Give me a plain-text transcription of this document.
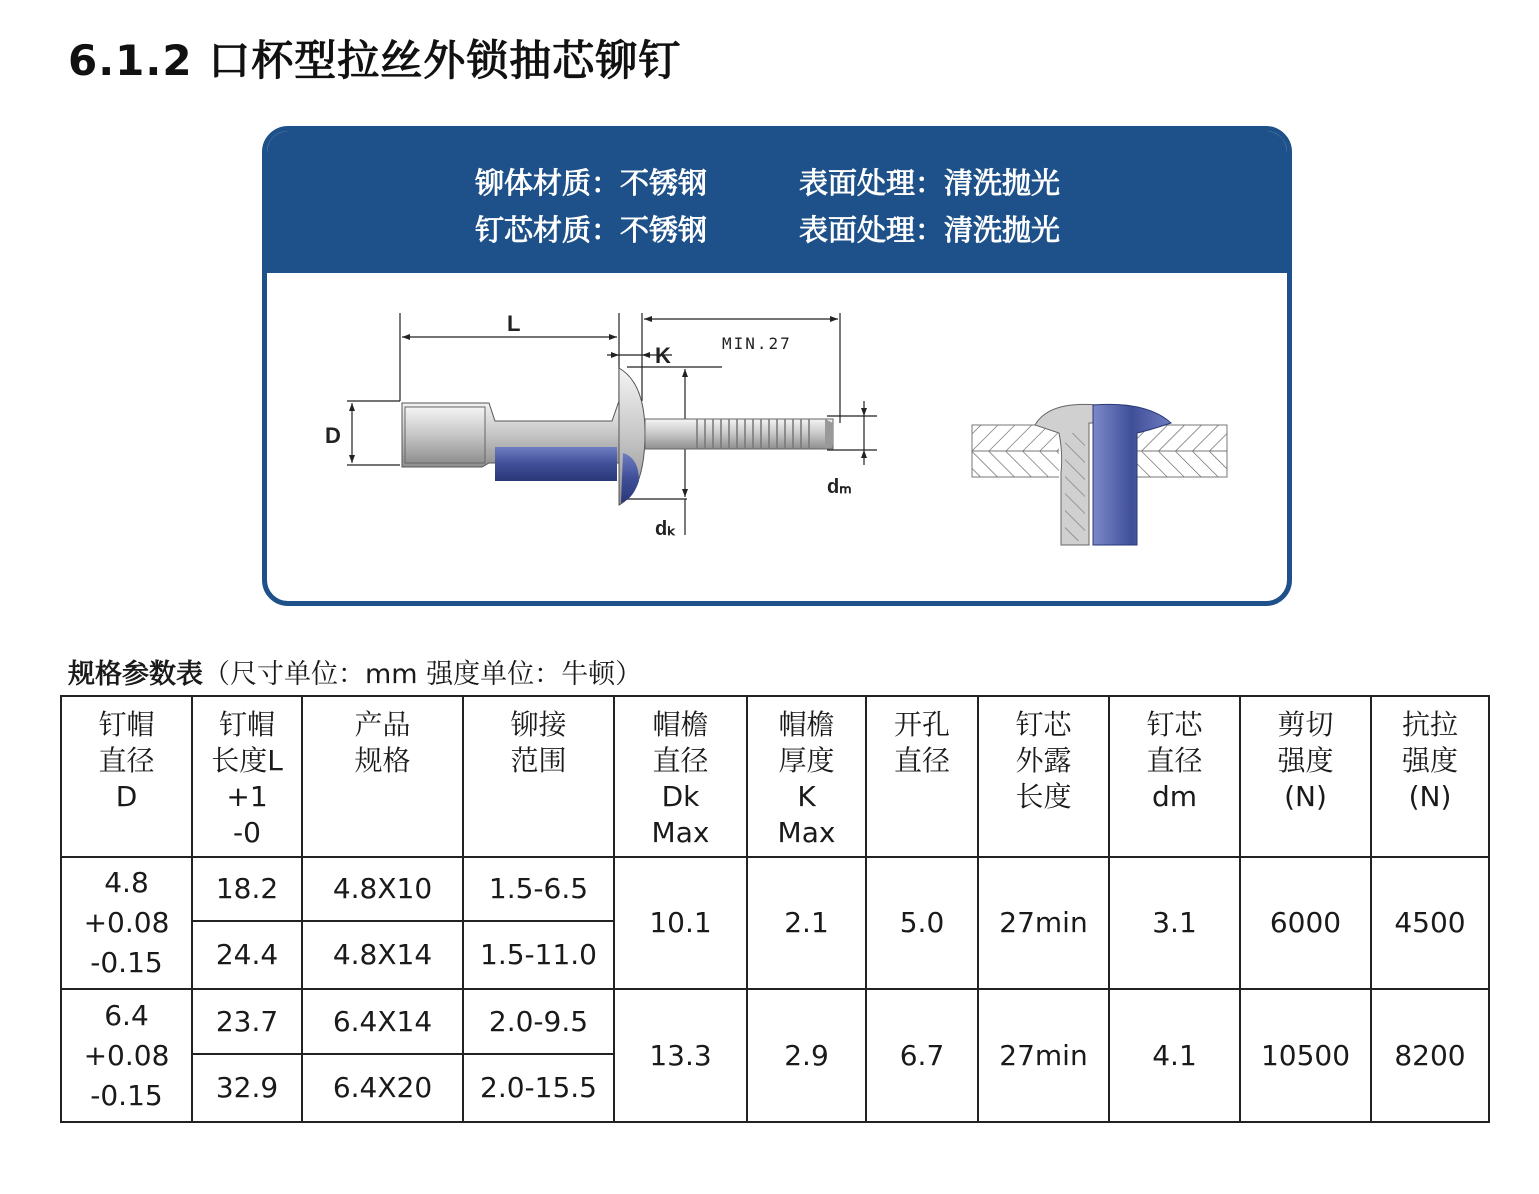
6.1.2 口杯型拉丝外锁抽芯铆钉
铆体材质：不锈钢	表面处理：清洗抛光
钉芯材质：不锈钢	表面处理：清洗抛光
L
K	MIN.27
D
dₘ
dₖ
规格参数表（尺寸单位：mm 强度单位：牛顿）
钉帽
直径
D	钉帽
长度L
+1
-0	产品
规格	铆接
范围	帽檐
直径
Dk
Max	帽檐
厚度
K
Max	开孔
直径	钉芯
外露
长度	钉芯
直径
dm	剪切
强度
(N)	抗拉
强度
(N)
4.8
+0.08
-0.15	18.2	4.8X10	1.5-6.5	10.1	2.1	5.0	27min	3.1	6000	4500
	24.4	4.8X14	1.5-11.0							
6.4
+0.08
-0.15	23.7	6.4X14	2.0-9.5	13.3	2.9	6.7	27min	4.1	10500	8200
	32.9	6.4X20	2.0-15.5							
